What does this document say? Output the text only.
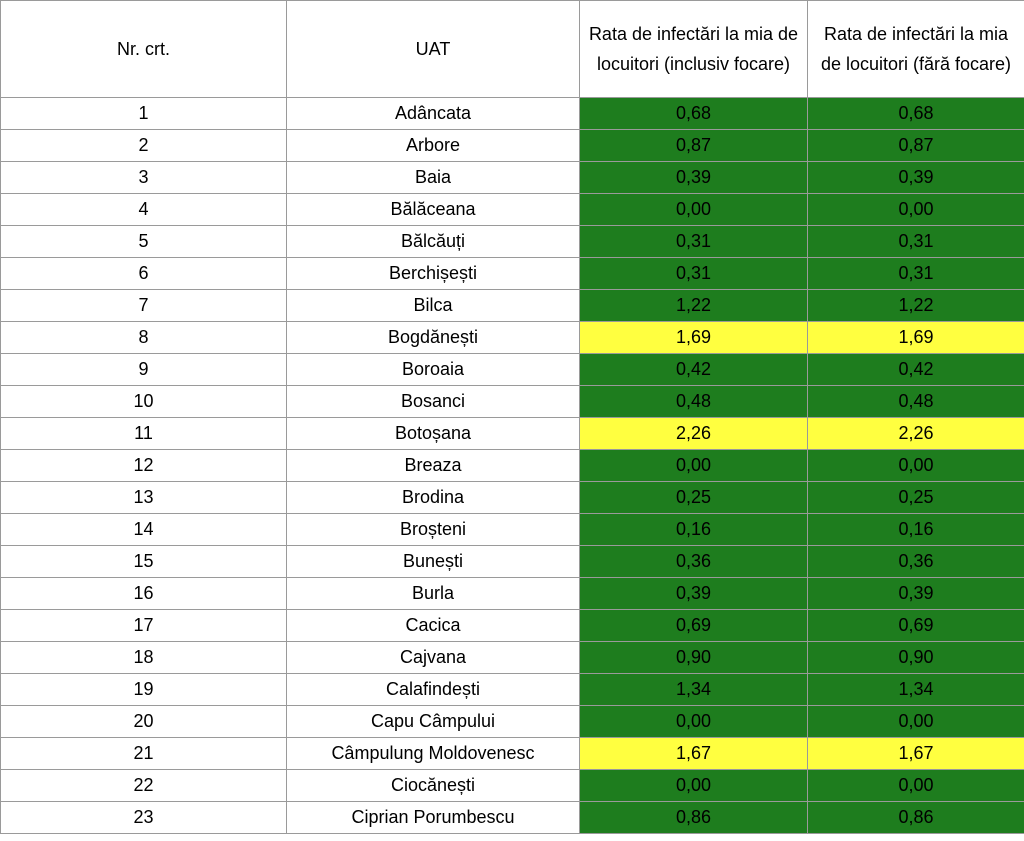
Nr. crt.	UAT	Rata de infectări la mia de locuitori (inclusiv focare)	Rata de infectări la mia de locuitori (fără focare)
1	Adâncata	0,68	0,68
2	Arbore	0,87	0,87
3	Baia	0,39	0,39
4	Bălăceana	0,00	0,00
5	Bălcăuți	0,31	0,31
6	Berchișești	0,31	0,31
7	Bilca	1,22	1,22
8	Bogdănești	1,69	1,69
9	Boroaia	0,42	0,42
10	Bosanci	0,48	0,48
11	Botoșana	2,26	2,26
12	Breaza	0,00	0,00
13	Brodina	0,25	0,25
14	Broșteni	0,16	0,16
15	Bunești	0,36	0,36
16	Burla	0,39	0,39
17	Cacica	0,69	0,69
18	Cajvana	0,90	0,90
19	Calafindești	1,34	1,34
20	Capu Câmpului	0,00	0,00
21	Câmpulung Moldovenesc	1,67	1,67
22	Ciocănești	0,00	0,00
23	Ciprian Porumbescu	0,86	0,86
